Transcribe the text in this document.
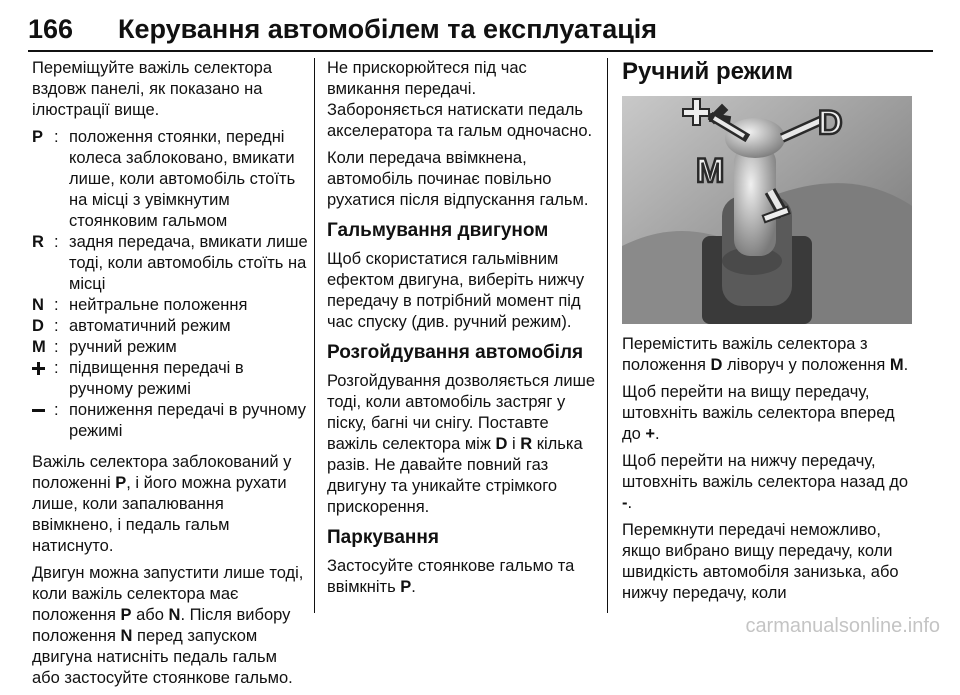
166 Керування автомобілем та експлуатація

Переміщуйте важіль селектора вздовж панелі, як показано на ілюстрації вище.

P : положення стоянки, передні колеса заблоковано, вмикати лише, коли автомобіль стоїть на місці з увімкнутим стоянковим гальмом
R : задня передача, вмикати лише тоді, коли автомобіль стоїть на місці
N : нейтральне положення
D : автоматичний режим
M : ручний режим
: підвищення передачі в ручному режимі
: пониження передачі в ручному режимі

Важіль селектора заблокований у положенні P, і його можна рухати лише, коли запалювання ввімкнено, і педаль гальм натиснуто.

Двигун можна запустити лише тоді, коли важіль селектора має положення P або N. Після вибору положення N перед запуском двигуна натисніть педаль гальм або застосуйте стоянкове гальмо.

Не прискорюйтеся під час вмикання передачі. Забороняється натискати педаль акселератора та гальм одночасно.

Коли передача ввімкнена, автомобіль починає повільно рухатися після відпускання гальм.

Гальмування двигуном

Щоб скористатися гальмівним ефектом двигуна, виберіть нижчу передачу в потрібний момент під час спуску (див. ручний режим).

Розгойдування автомобіля

Розгойдування дозволяється лише тоді, коли автомобіль застряг у піску, багні чи снігу. Поставте важіль селектора між D і R кілька разів. Не давайте повний газ двигуну та уникайте стрімкого прискорення.

Паркування

Застосуйте стоянкове гальмо та ввімкніть P.

Ручний режим
D
M
+
−

Перемістить важіль селектора з положення D ліворуч у положення M.

Щоб перейти на вищу передачу, штовхніть важіль селектора вперед до +.

Щоб перейти на нижчу передачу, штовхніть важіль селектора назад до -.

Перемкнути передачі неможливо, якщо вибрано вищу передачу, коли швидкість автомобіля занизька, або нижчу передачу, коли

carmanualsonline.info
